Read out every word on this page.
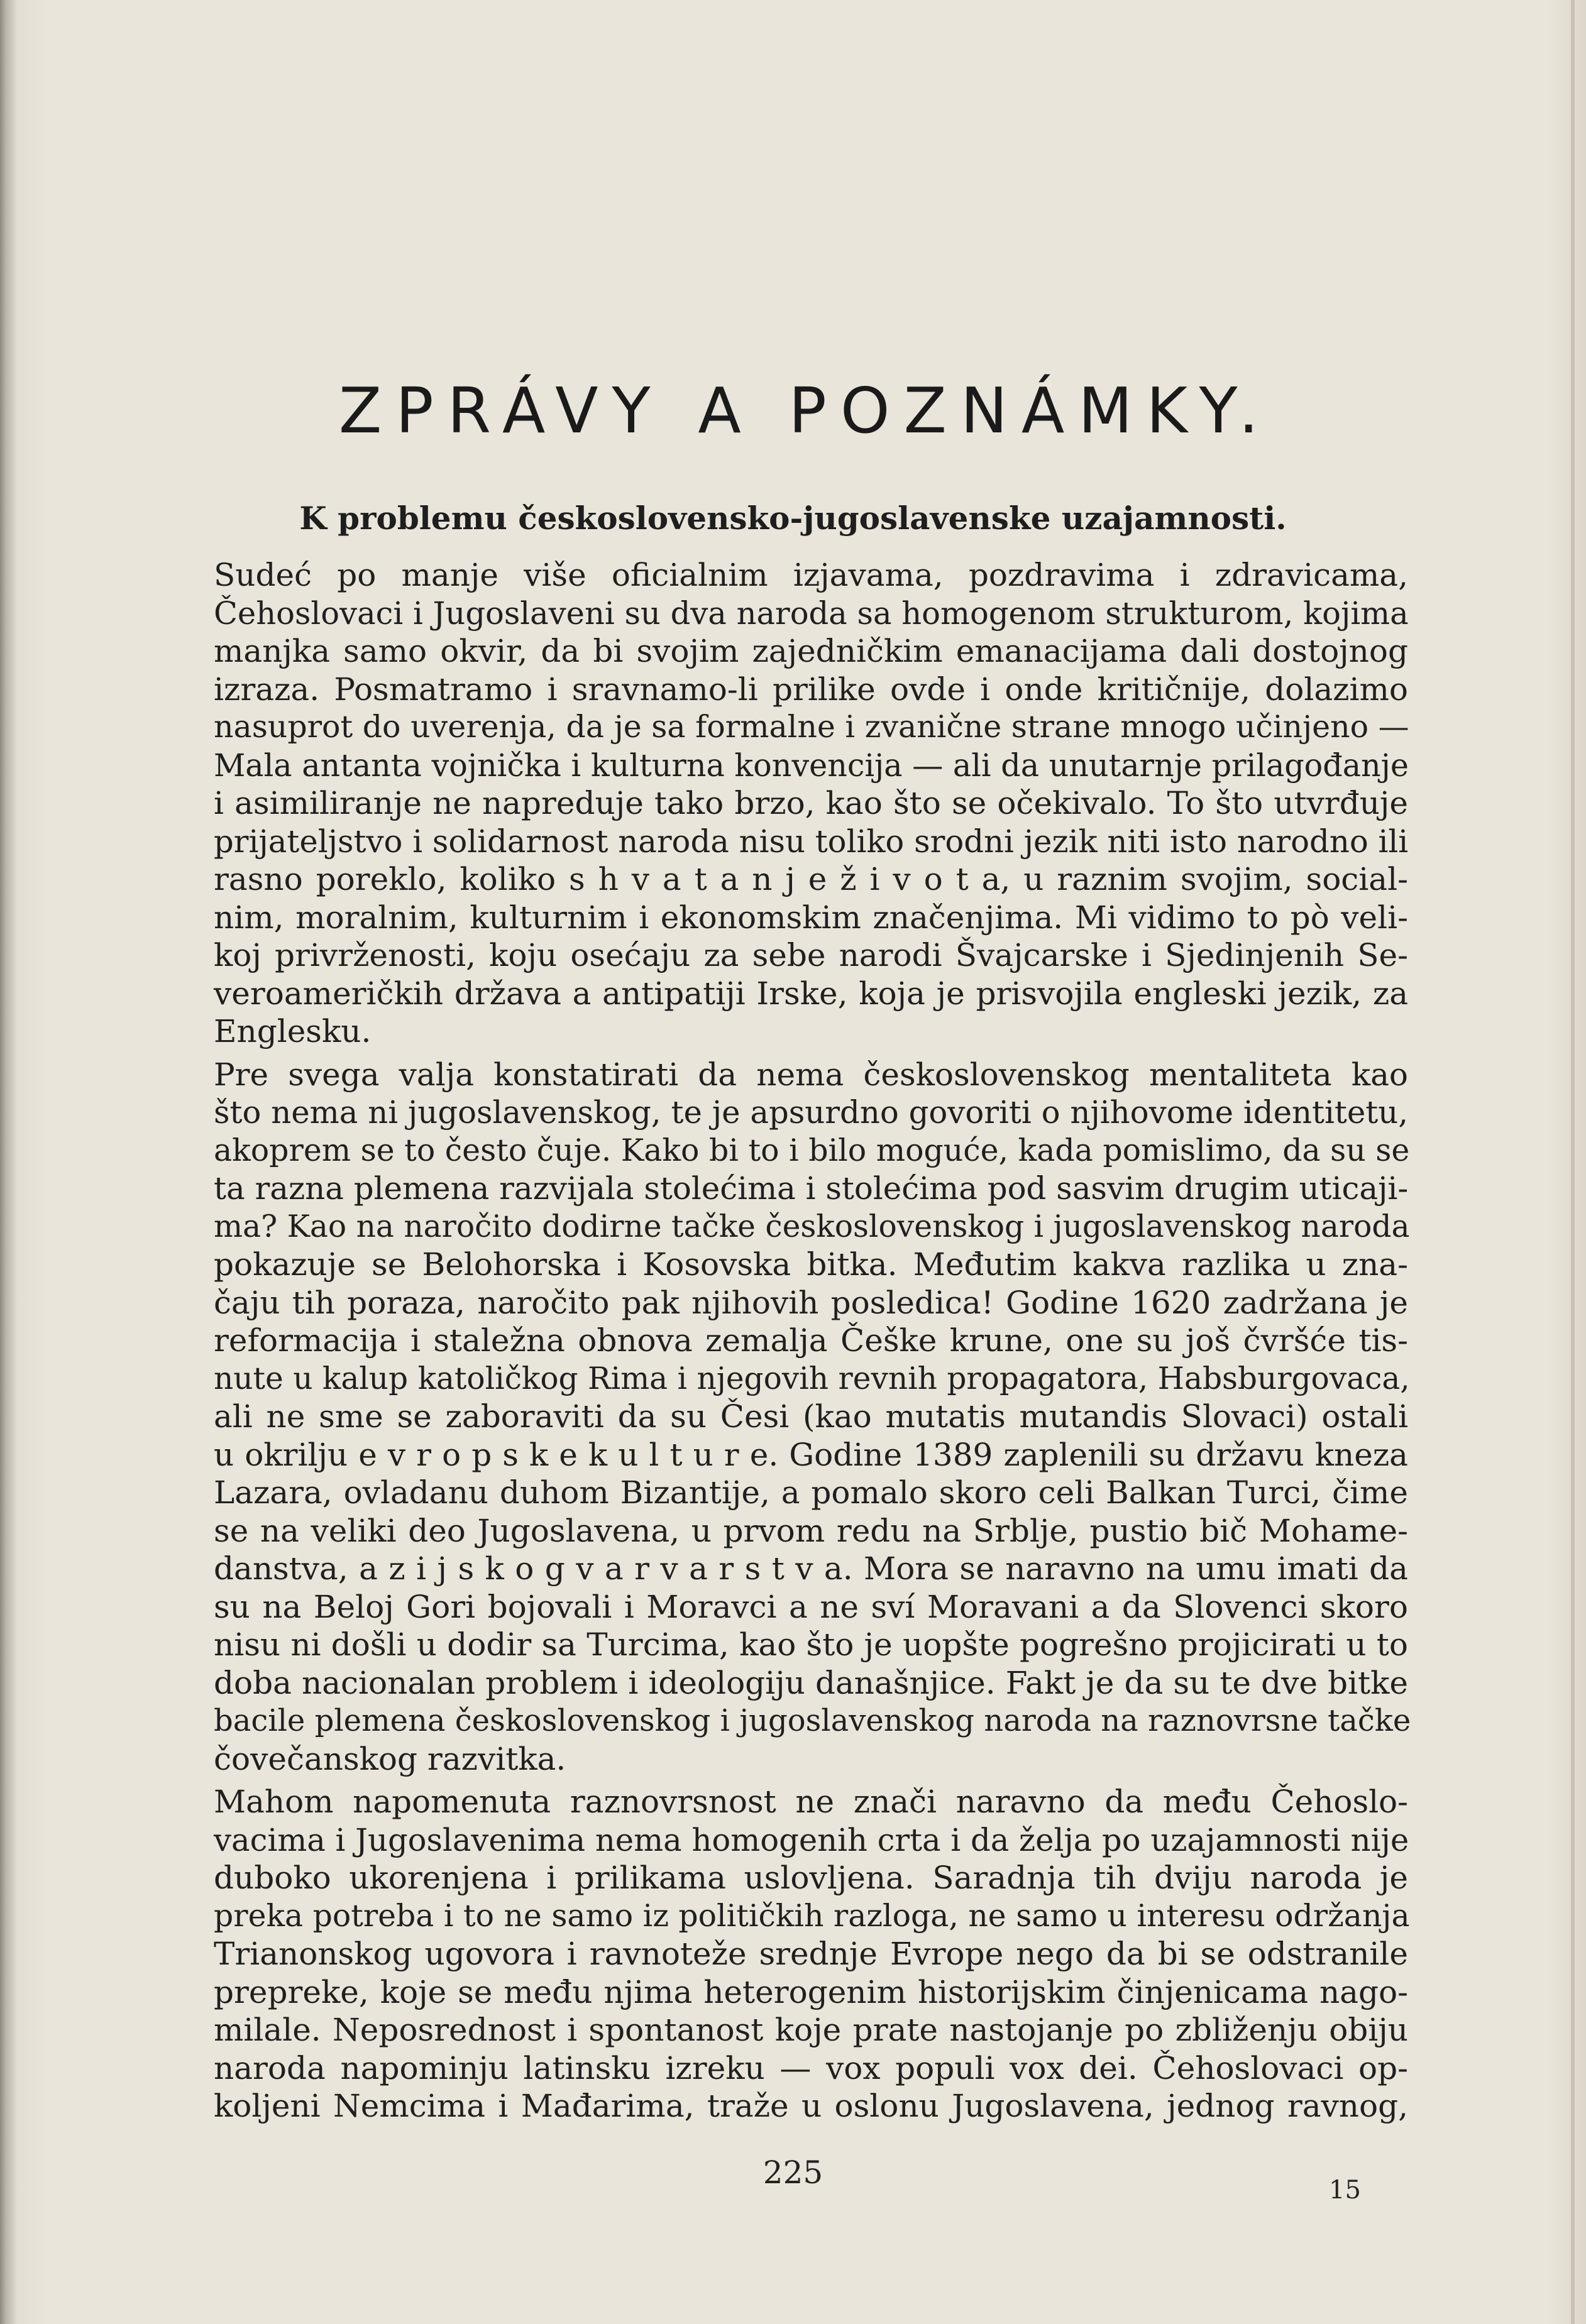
ZPRÁVY A POZNÁMKY.
K problemu československo-jugoslavenske uzajamnosti.

Sudeć po manje više oficialnim izjavama, pozdravima i zdravicama,
Čehoslovaci i Jugoslaveni su dva naroda sa homogenom strukturom, kojima
manjka samo okvir, da bi svojim zajedničkim emanacijama dali dostojnog
izraza. Posmatramo i sravnamo-li prilike ovde i onde kritičnije, dolazimo
nasuprot do uverenja, da je sa formalne i zvanične strane mnogo učinjeno —
Mala antanta vojnička i kulturna konvencija — ali da unutarnje prilagođanje
i asimiliranje ne napreduje tako brzo, kao što se očekivalo. To što utvrđuje
prijateljstvo i solidarnost naroda nisu toliko srodni jezik niti isto narodno ili
rasno poreklo, koliko s h v a t a n j e ž i v o t a, u raznim svojim, social-
nim, moralnim, kulturnim i ekonomskim značenjima. Mi vidimo to pò veli-
koj privrženosti, koju osećaju za sebe narodi Švajcarske i Sjedinjenih Se-
veroameričkih država a antipatiji Irske, koja je prisvojila engleski jezik, za
Englesku.

Pre svega valja konstatirati da nema československog mentaliteta kao
što nema ni jugoslavenskog, te je apsurdno govoriti o njihovome identitetu,
akoprem se to često čuje. Kako bi to i bilo moguće, kada pomislimo, da su se
ta razna plemena razvijala stolećima i stolećima pod sasvim drugim uticaji-
ma? Kao na naročito dodirne tačke československog i jugoslavenskog naroda
pokazuje se Belohorska i Kosovska bitka. Međutim kakva razlika u zna-
čaju tih poraza, naročito pak njihovih posledica! Godine 1620 zadržana je
reformacija i staležna obnova zemalja Češke krune, one su još čvršće tis-
nute u kalup katoličkog Rima i njegovih revnih propagatora, Habsburgovaca,
ali ne sme se zaboraviti da su Česi (kao mutatis mutandis Slovaci) ostali
u okrilju e v r o p s k e k u l t u r e. Godine 1389 zaplenili su državu kneza
Lazara, ovladanu duhom Bizantije, a pomalo skoro celi Balkan Turci, čime
se na veliki deo Jugoslavena, u prvom redu na Srblje, pustio bič Mohame-
danstva, a z i j s k o g v a r v a r s t v a. Mora se naravno na umu imati da
su na Beloj Gori bojovali i Moravci a ne sví Moravani a da Slovenci skoro
nisu ni došli u dodir sa Turcima, kao što je uopšte pogrešno projicirati u to
doba nacionalan problem i ideologiju današnjice. Fakt je da su te dve bitke
bacile plemena československog i jugoslavenskog naroda na raznovrsne tačke
čovečanskog razvitka.

Mahom napomenuta raznovrsnost ne znači naravno da među Čehoslo-
vacima i Jugoslavenima nema homogenih crta i da želja po uzajamnosti nije
duboko ukorenjena i prilikama uslovljena. Saradnja tih dviju naroda je
preka potreba i to ne samo iz političkih razloga, ne samo u interesu održanja
Trianonskog ugovora i ravnoteže srednje Evrope nego da bi se odstranile
prepreke, koje se među njima heterogenim historijskim činjenicama nago-
milale. Neposrednost i spontanost koje prate nastojanje po zbliženju obiju
naroda napominju latinsku izreku — vox populi vox dei. Čehoslovaci op-
koljeni Nemcima i Mađarima, traže u oslonu Jugoslavena, jednog ravnog,

225	15
